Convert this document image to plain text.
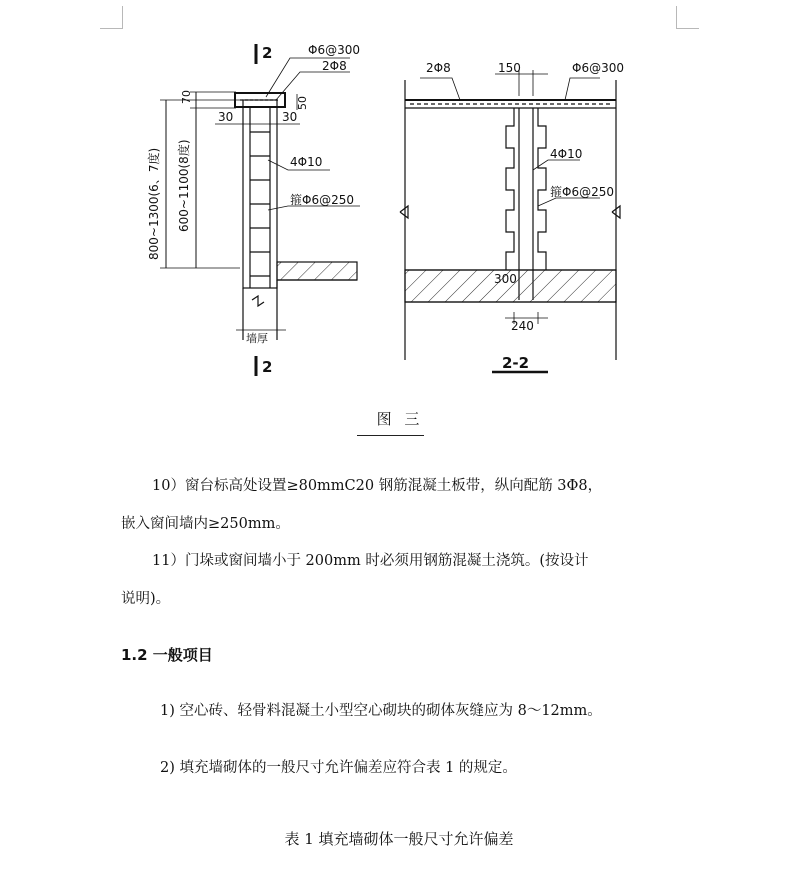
2
2
Φ6@300
2Φ8
70	50
30	30
800~1300(6、7度) 600~1100(8度)	4Φ10
箍Φ6@250
墙厚
2Φ8	150	Φ6@300
4Φ10
箍Φ6@250
300
240
2-2
图 三
10）窗台标高处设置≥80mmC20 钢筋混凝土板带，纵向配筋 3Φ8，
嵌入窗间墙内≥250mm。
11）门垛或窗间墙小于 200mm 时必须用钢筋混凝土浇筑。(按设计
说明)。
1.2 一般项目
1) 空心砖、轻骨料混凝土小型空心砌块的砌体灰缝应为 8～12mm。
2) 填充墙砌体的一般尺寸允许偏差应符合表 1 的规定。
表 1 填充墙砌体一般尺寸允许偏差
